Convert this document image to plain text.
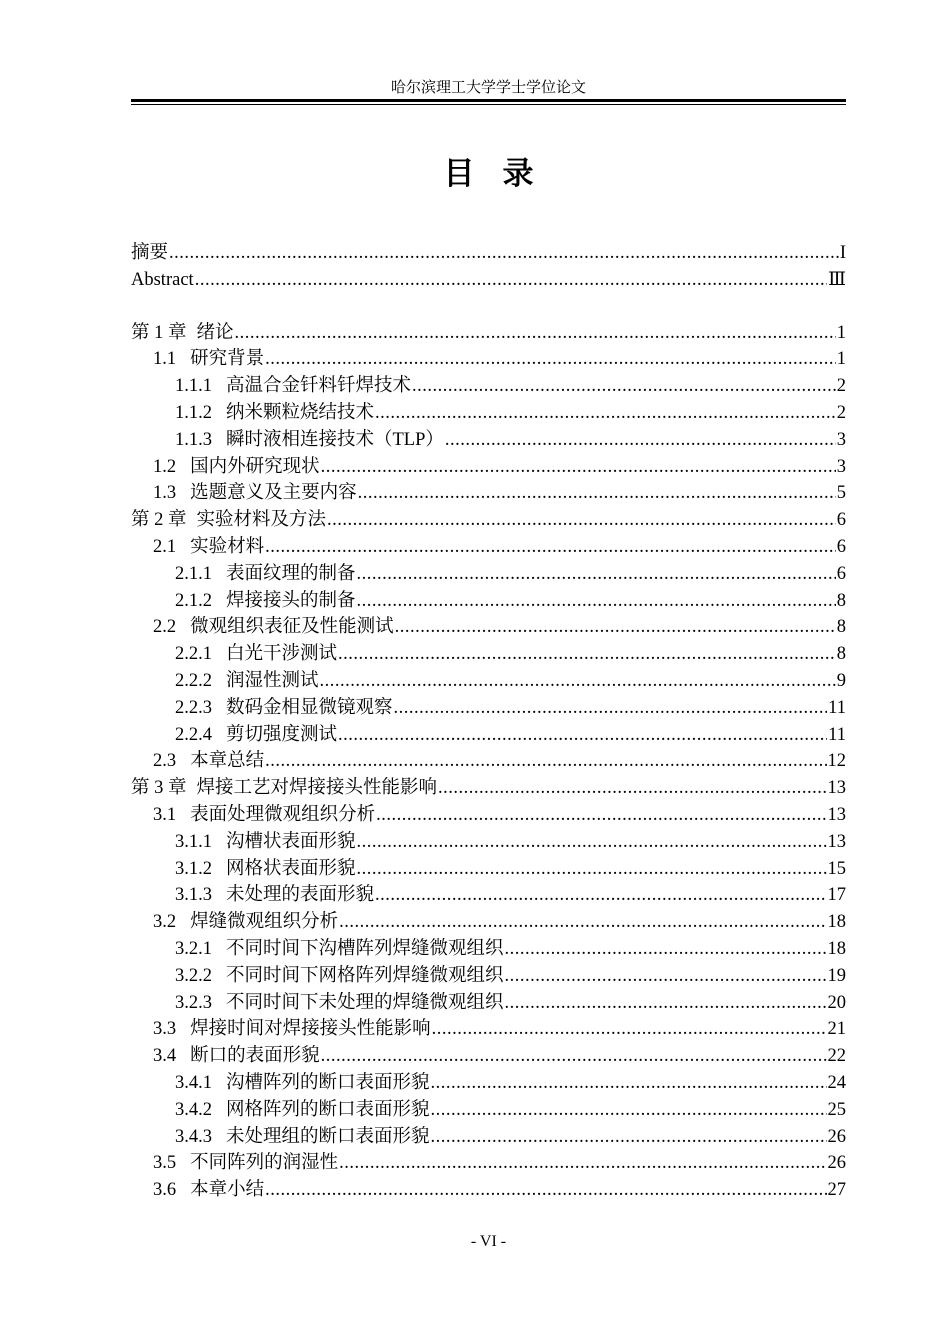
哈尔滨理工大学学士学位论文
目录
摘要 .....	I
Abstract .....	Ⅲ
第 1 章 绪论 .....	1
1.1 研究背景 .....	1
1.1.1 高温合金钎料钎焊技术 .....	2
1.1.2 纳米颗粒烧结技术 .....	2
1.1.3 瞬时液相连接技术（TLP） .....	3
1.2 国内外研究现状 .....	3
1.3 选题意义及主要内容 .....	5
第 2 章 实验材料及方法 .....	6
2.1 实验材料 .....	6
2.1.1 表面纹理的制备 .....	6
2.1.2 焊接接头的制备 .....	8
2.2 微观组织表征及性能测试 .....	8
2.2.1 白光干涉测试 .....	8
2.2.2 润湿性测试 .....	9
2.2.3 数码金相显微镜观察 .....	11
2.2.4 剪切强度测试 .....	11
2.3 本章总结 .....	12
第 3 章 焊接工艺对焊接接头性能影响 .....	13
3.1 表面处理微观组织分析 .....	13
3.1.1 沟槽状表面形貌 .....	13
3.1.2 网格状表面形貌 .....	15
3.1.3 未处理的表面形貌 .....	17
3.2 焊缝微观组织分析 .....	18
3.2.1 不同时间下沟槽阵列焊缝微观组织 .....	18
3.2.2 不同时间下网格阵列焊缝微观组织 .....	19
3.2.3 不同时间下未处理的焊缝微观组织 .....	20
3.3 焊接时间对焊接接头性能影响 .....	21
3.4 断口的表面形貌 .....	22
3.4.1 沟槽阵列的断口表面形貌 .....	24
3.4.2 网格阵列的断口表面形貌 .....	25
3.4.3 未处理组的断口表面形貌 .....	26
3.5 不同阵列的润湿性 .....	26
3.6 本章小结 .....	27
- VI -
